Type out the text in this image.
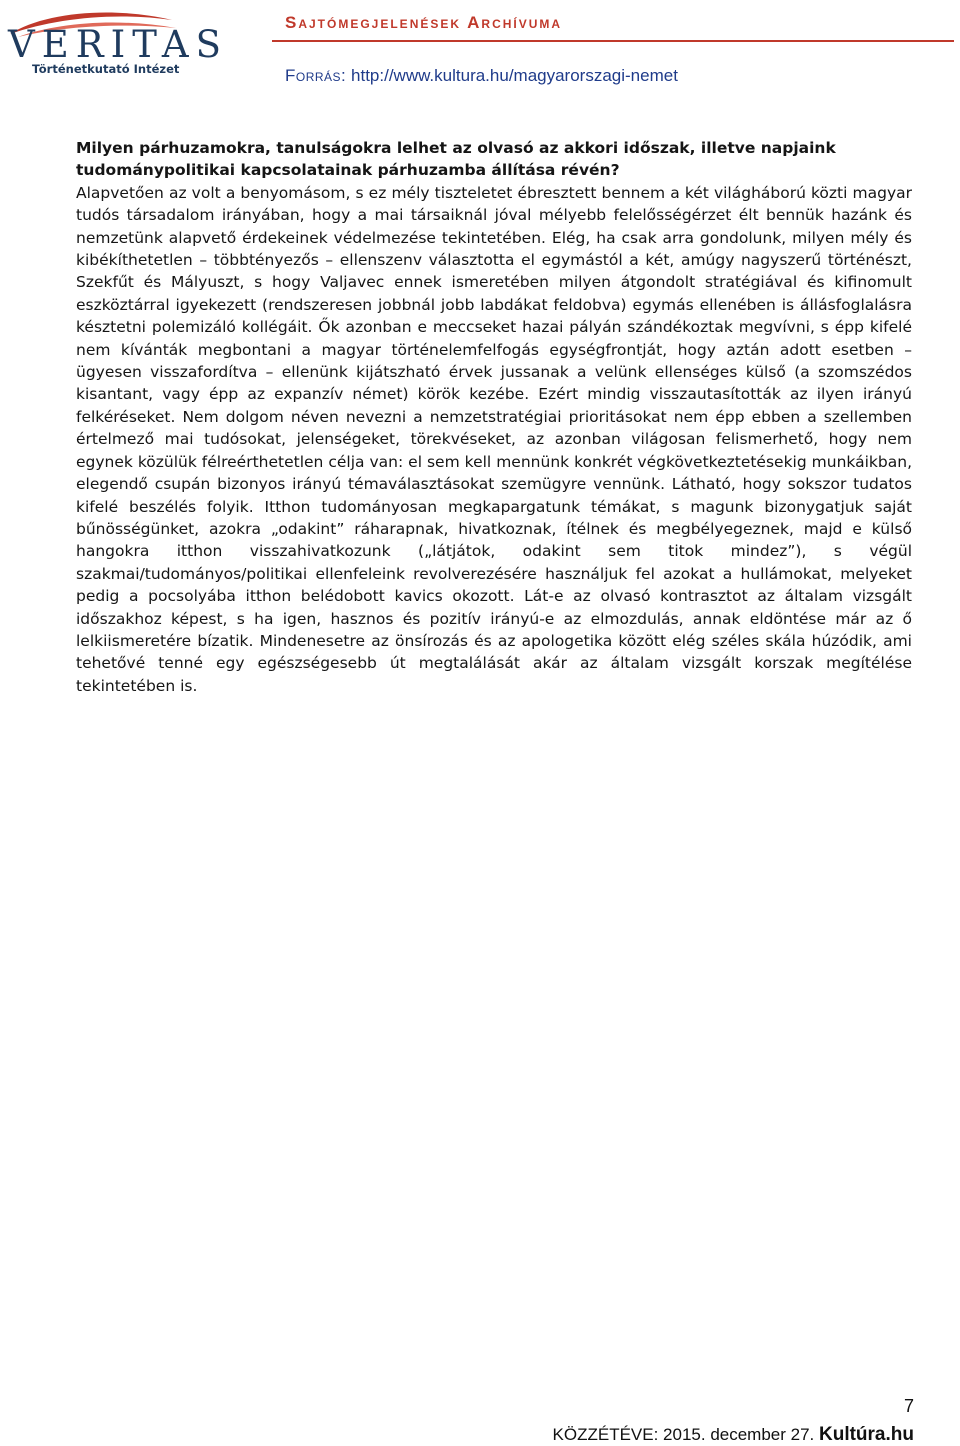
VERITAS
Történetkutató Intézet
Sajtómegjelenések Archívuma
Forrás: http://www.kultura.hu/magyarorszagi-nemet

Milyen párhuzamokra, tanulságokra lelhet az olvasó az akkori időszak, illetve napjaink tudománypolitikai kapcsolatainak párhuzamba állítása révén?

Alapvetően az volt a benyomásom, s ez mély tiszteletet ébresztett bennem a két világháború közti magyar tudós társadalom irányában, hogy a mai társaiknál jóval mélyebb felelősségérzet élt bennük hazánk és nemzetünk alapvető érdekeinek védelmezése tekintetében. Elég, ha csak arra gondolunk, milyen mély és kibékíthetetlen – többtényezős – ellenszenv választotta el egymástól a két, amúgy nagyszerű történészt, Szekfűt és Mályuszt, s hogy Valjavec ennek ismeretében milyen átgondolt stratégiával és kifinomult eszköztárral igyekezett (rendszeresen jobbnál jobb labdákat feldobva) egymás ellenében is állásfoglalásra késztetni polemizáló kollégáit. Ők azonban e meccseket hazai pályán szándékoztak megvívni, s épp kifelé nem kívánták megbontani a magyar történelemfelfogás egységfrontját, hogy aztán adott esetben – ügyesen visszafordítva – ellenünk kijátszható érvek jussanak a velünk ellenséges külső (a szomszédos kisantant, vagy épp az expanzív német) körök kezébe. Ezért mindig visszautasították az ilyen irányú felkéréseket. Nem dolgom néven nevezni a nemzetstratégiai prioritásokat nem épp ebben a szellemben értelmező mai tudósokat, jelenségeket, törekvéseket, az azonban világosan felismerhető, hogy nem egynek közülük félreérthetetlen célja van: el sem kell mennünk konkrét végkövetkeztetésekig munkáikban, elegendő csupán bizonyos irányú témaválasztásokat szemügyre vennünk. Látható, hogy sokszor tudatos kifelé beszélés folyik. Itthon tudományosan megkapargatunk témákat, s magunk bizonygatjuk saját bűnösségünket, azokra „odakint” ráharapnak, hivatkoznak, ítélnek és megbélyegeznek, majd e külső hangokra itthon visszahivatkozunk („látjátok, odakint sem titok mindez”), s végül szakmai/tudományos/politikai ellenfeleink revolverezésére használjuk fel azokat a hullámokat, melyeket pedig a pocsolyába itthon belédobott kavics okozott. Lát-e az olvasó kontrasztot az általam vizsgált időszakhoz képest, s ha igen, hasznos és pozitív irányú-e az elmozdulás, annak eldöntése már az ő lelkiismeretére bízatik. Mindenesetre az önsírozás és az apologetika között elég széles skála húzódik, ami tehetővé tenné egy egészségesebb út megtalálását akár az általam vizsgált korszak megítélése tekintetében is.

7
KÖZZÉTÉVE: 2015. december 27. Kultúra.hu
